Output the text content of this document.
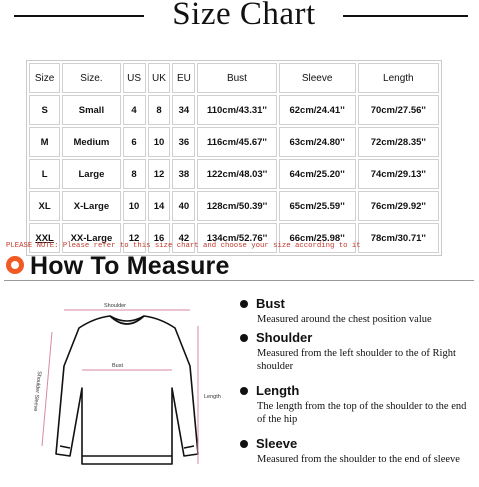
Size Chart
Size	Size.	US	UK	EU	Bust	Sleeve	Length
S	Small	4	8	34	110cm/43.31''	62cm/24.41''	70cm/27.56''
M	Medium	6	10	36	116cm/45.67''	63cm/24.80''	72cm/28.35''
L	Large	8	12	38	122cm/48.03''	64cm/25.20''	74cm/29.13''
XL	X-Large	10	14	40	128cm/50.39''	65cm/25.59''	76cm/29.92''
XXL	XX-Large	12	16	42	134cm/52.76''	66cm/25.98''	78cm/30.71''
PLEASE NOTE: Please refer to this size chart and choose your size according to it
How To Measure
Shoulder
Bust
Length
Shoulder Sleeve
Bust
Measured around the chest position value
Shoulder
Measured from the left shoulder to the of Right shoulder
Length
The length from the top of the shoulder to the end of the hip
Sleeve
Measured from the shoulder to the end of sleeve
